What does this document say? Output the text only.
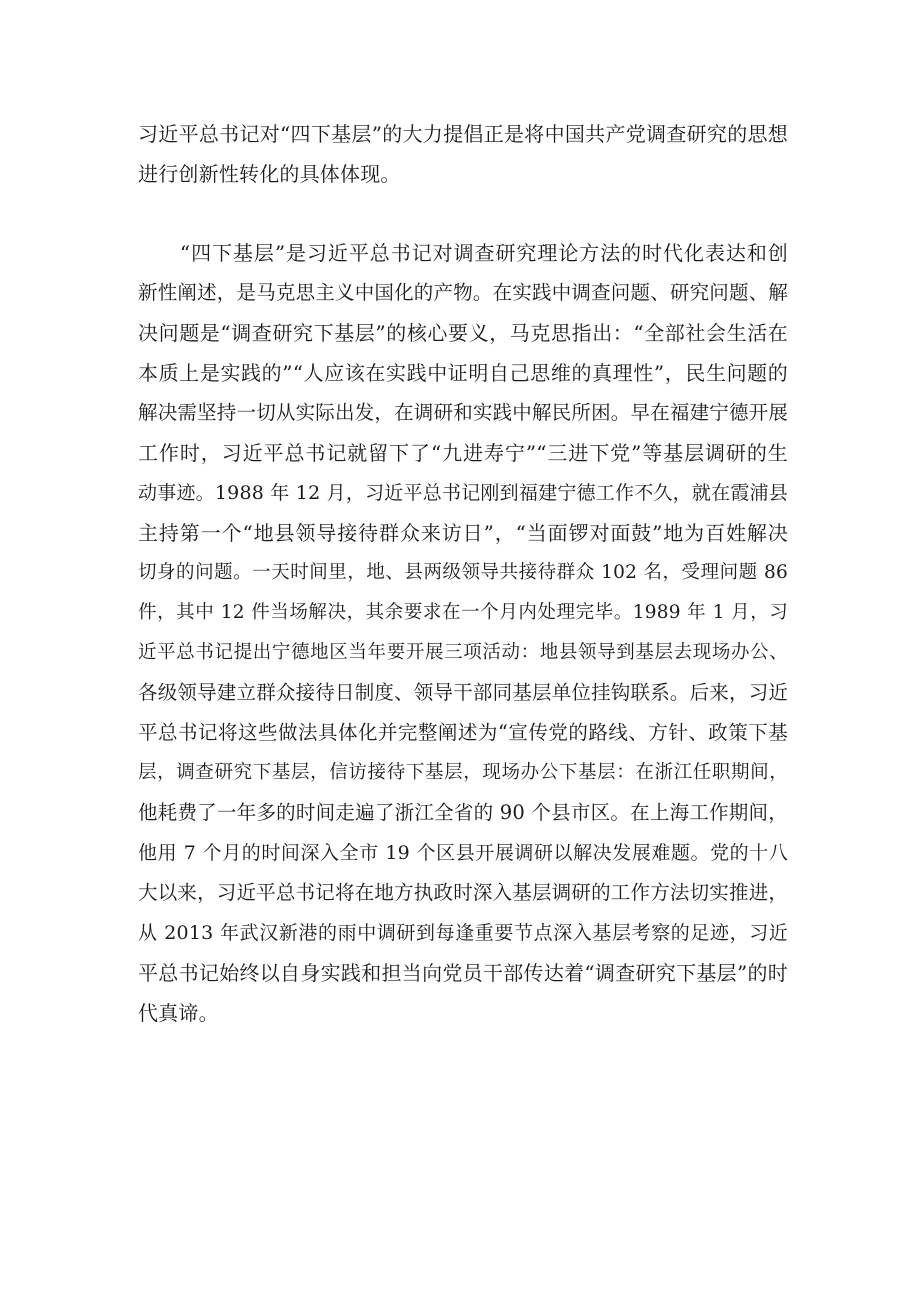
习近平总书记对“四下基层”的大力提倡正是将中国共产党调查研究的思想
进行创新性转化的具体体现。
　　“四下基层”是习近平总书记对调查研究理论方法的时代化表达和创
新性阐述，是马克思主义中国化的产物。在实践中调查问题、研究问题、解
决问题是“调查研究下基层”的核心要义，马克思指出：“全部社会生活在
本质上是实践的”“人应该在实践中证明自己思维的真理性”，民生问题的
解决需坚持一切从实际出发，在调研和实践中解民所困。早在福建宁德开展
工作时，习近平总书记就留下了“九进寿宁”“三进下党”等基层调研的生
动事迹。1988 年 12 月，习近平总书记刚到福建宁德工作不久，就在霞浦县
主持第一个“地县领导接待群众来访日”，“当面锣对面鼓”地为百姓解决
切身的问题。一天时间里，地、县两级领导共接待群众 102 名，受理问题 86
件，其中 12 件当场解决，其余要求在一个月内处理完毕。1989 年 1 月，习
近平总书记提出宁德地区当年要开展三项活动：地县领导到基层去现场办公、
各级领导建立群众接待日制度、领导干部同基层单位挂钩联系。后来，习近
平总书记将这些做法具体化并完整阐述为“宣传党的路线、方针、政策下基
层，调查研究下基层，信访接待下基层，现场办公下基层：在浙江任职期间，
他耗费了一年多的时间走遍了浙江全省的 90 个县市区。在上海工作期间，
他用 7 个月的时间深入全市 19 个区县开展调研以解决发展难题。党的十八
大以来，习近平总书记将在地方执政时深入基层调研的工作方法切实推进，
从 2013 年武汉新港的雨中调研到每逢重要节点深入基层考察的足迹，习近
平总书记始终以自身实践和担当向党员干部传达着“调查研究下基层”的时
代真谛。
